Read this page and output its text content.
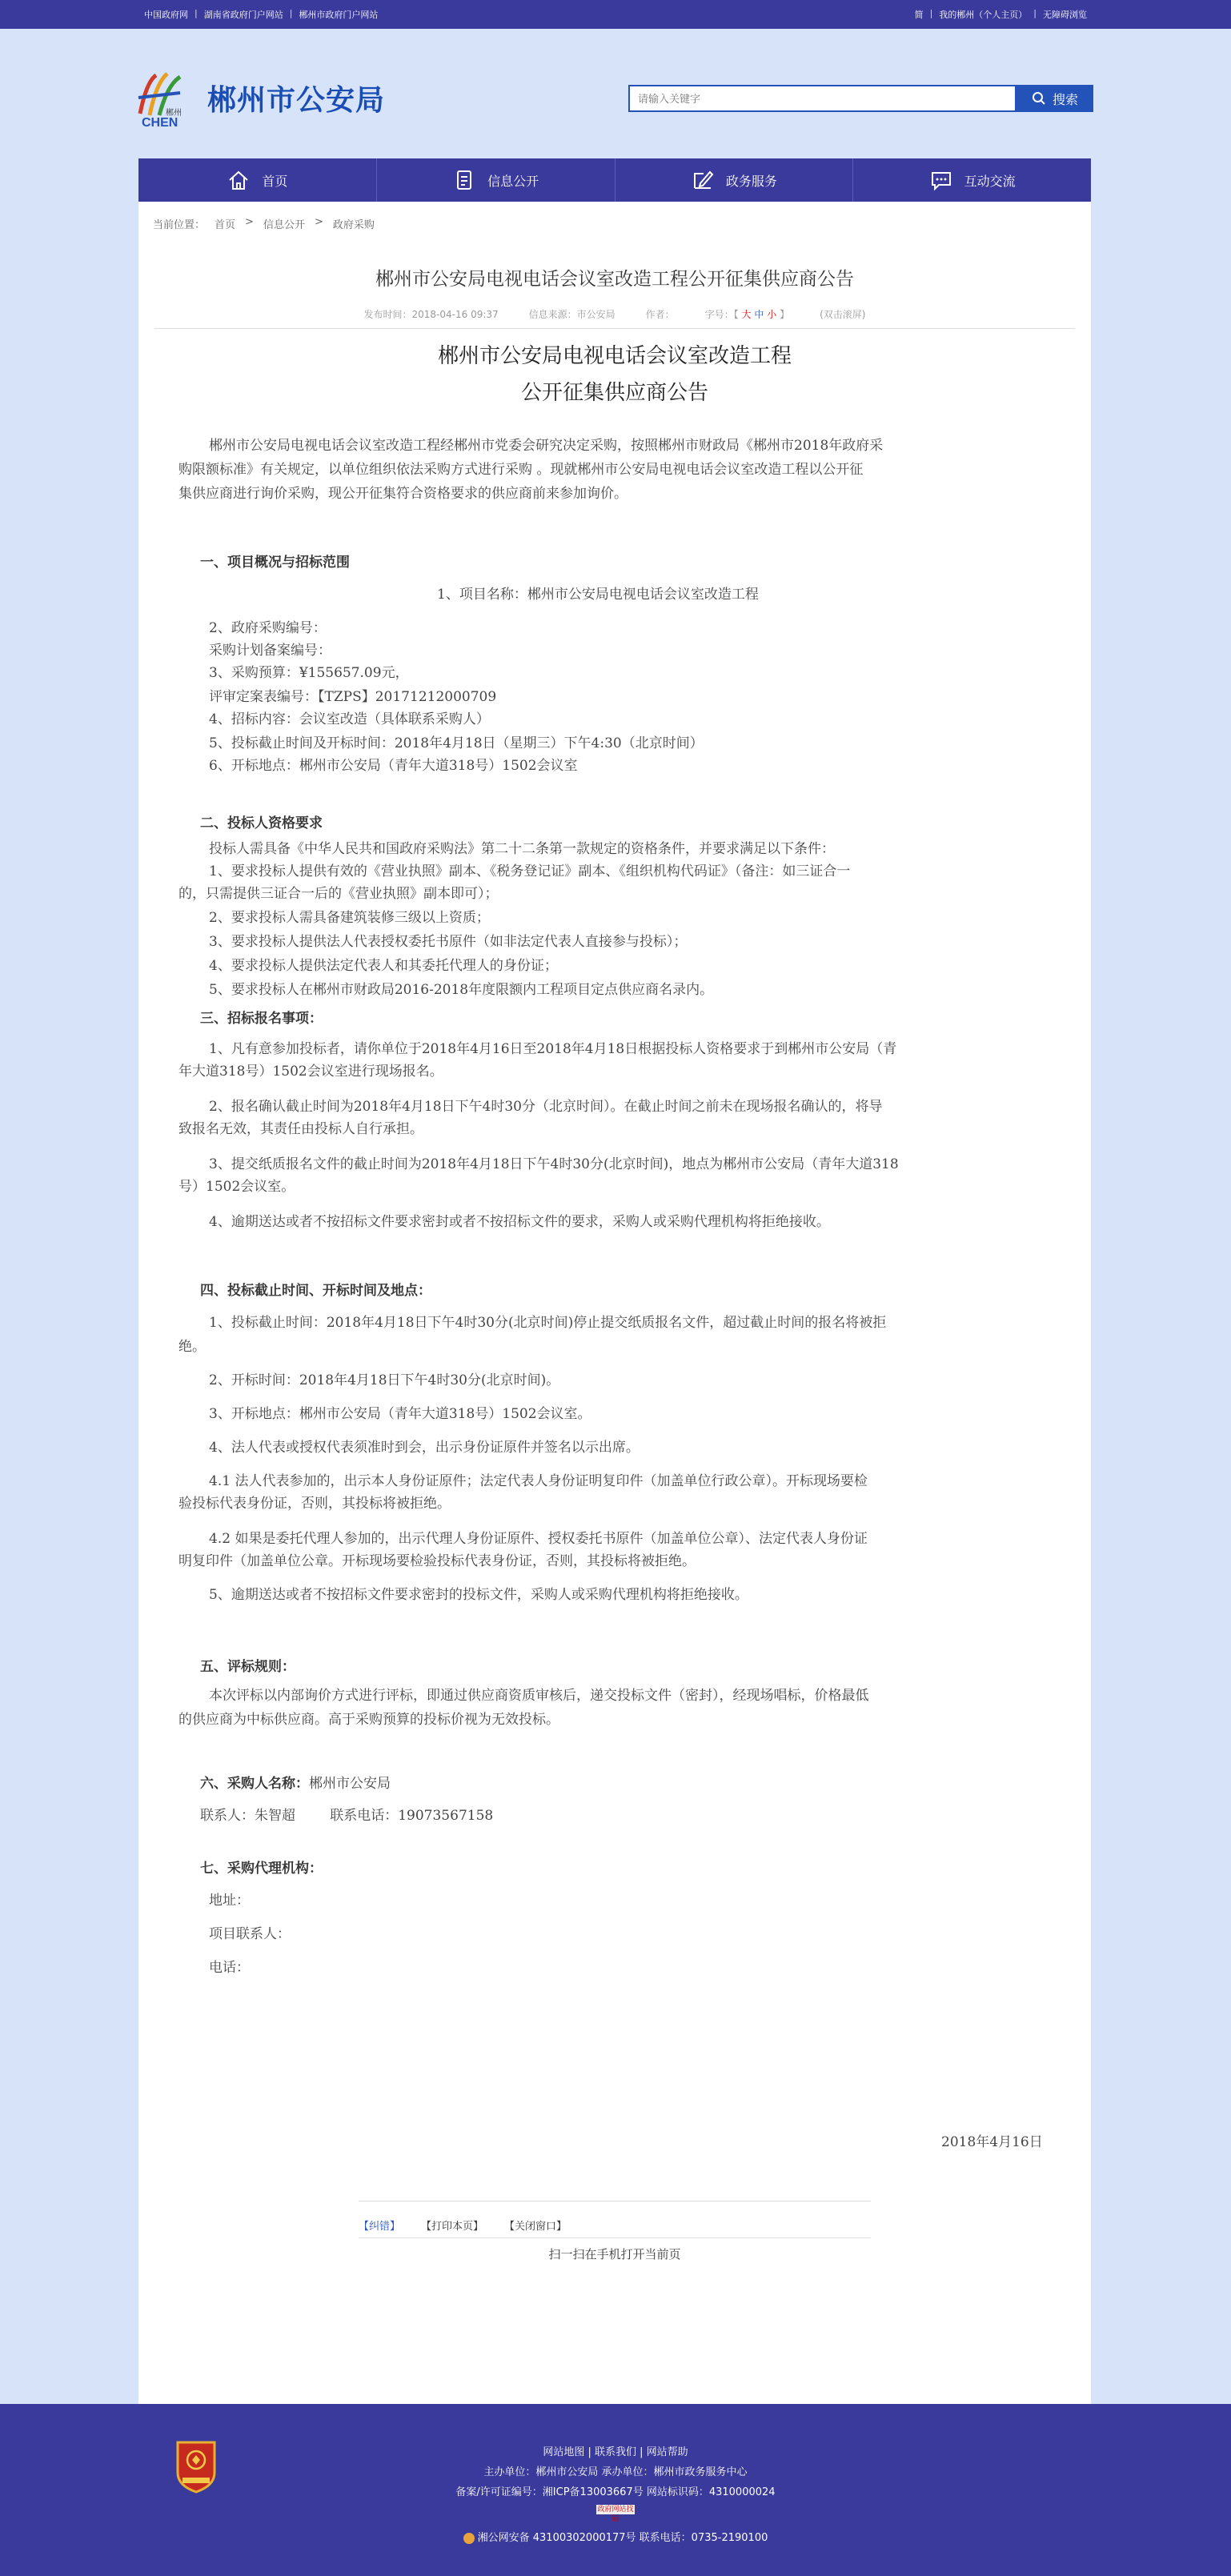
中国政府网 | 湖南省政府门户网站 | 郴州市政府门户网站	简 | 我的郴州（个人主页） | 无障碍浏览
郴州
CHEN
郴州市公安局
请输入关键字	搜索
首页	信息公开	政务服务	互动交流
当前位置： 首页 > 信息公开 > 政府采购
郴州市公安局电视电话会议室改造工程公开征集供应商公告
发布时间：2018-04-16 09:37	信息来源：市公安局	作者：	字号：【 大 中 小 】	(双击滚屏)
郴州市公安局电视电话会议室改造工程
公开征集供应商公告
郴州市公安局电视电话会议室改造工程经郴州市党委会研究决定采购，按照郴州市财政局《郴州市2018年政府采
购限额标准》有关规定，以单位组织依法采购方式进行采购 。现就郴州市公安局电视电话会议室改造工程以公开征
集供应商进行询价采购，现公开征集符合资格要求的供应商前来参加询价。
一、项目概况与招标范围
1、项目名称：郴州市公安局电视电话会议室改造工程
2、政府采购编号：
采购计划备案编号：
3、采购预算：¥155657.09元，
评审定案表编号：【TZPS】20171212000709
4、招标内容：会议室改造（具体联系采购人）
5、投标截止时间及开标时间：2018年4月18日（星期三）下午4:30（北京时间）
6、开标地点：郴州市公安局（青年大道318号）1502会议室
二、投标人资格要求
投标人需具备《中华人民共和国政府采购法》第二十二条第一款规定的资格条件，并要求满足以下条件：
1、要求投标人提供有效的《营业执照》副本、《税务登记证》副本、《组织机构代码证》（备注：如三证合一
的，只需提供三证合一后的《营业执照》副本即可）；
2、要求投标人需具备建筑装修三级以上资质；
3、要求投标人提供法人代表授权委托书原件（如非法定代表人直接参与投标）；
4、要求投标人提供法定代表人和其委托代理人的身份证；
5、要求投标人在郴州市财政局2016-2018年度限额内工程项目定点供应商名录内。
三、招标报名事项：
1、凡有意参加投标者，请你单位于2018年4月16日至2018年4月18日根据投标人资格要求于到郴州市公安局（青
年大道318号）1502会议室进行现场报名。
2、报名确认截止时间为2018年4月18日下午4时30分（北京时间）。在截止时间之前未在现场报名确认的，将导
致报名无效，其责任由投标人自行承担。
3、提交纸质报名文件的截止时间为2018年4月18日下午4时30分(北京时间)，地点为郴州市公安局（青年大道318
号）1502会议室。
4、逾期送达或者不按招标文件要求密封或者不按招标文件的要求，采购人或采购代理机构将拒绝接收。
四、投标截止时间、开标时间及地点：
1、投标截止时间：2018年4月18日下午4时30分(北京时间)停止提交纸质报名文件，超过截止时间的报名将被拒
绝。
2、开标时间：2018年4月18日下午4时30分(北京时间)。
3、开标地点：郴州市公安局（青年大道318号）1502会议室。
4、法人代表或授权代表须准时到会，出示身份证原件并签名以示出席。
4.1 法人代表参加的，出示本人身份证原件；法定代表人身份证明复印件（加盖单位行政公章）。开标现场要检
验投标代表身份证，否则，其投标将被拒绝。
4.2 如果是委托代理人参加的，出示代理人身份证原件、授权委托书原件（加盖单位公章）、法定代表人身份证
明复印件（加盖单位公章。开标现场要检验投标代表身份证，否则，其投标将被拒绝。
5、逾期送达或者不按招标文件要求密封的投标文件，采购人或采购代理机构将拒绝接收。
五、评标规则：
本次评标以内部询价方式进行评标，即通过供应商资质审核后，递交投标文件（密封），经现场唱标，价格最低
的供应商为中标供应商。高于采购预算的投标价视为无效投标。
六、采购人名称：郴州市公安局
联系人：朱智超        联系电话：19073567158
七、采购代理机构：
地址：
项目联系人：
电话：
2018年4月16日
【纠错】 【打印本页】 【关闭窗口】
扫一扫在手机打开当前页
网站地图 | 联系我们 | 网站帮助
主办单位：郴州市公安局 承办单位：郴州市政务服务中心
备案/许可证编号：湘ICP备13003667号 网站标识码：4310000024
政府网站找错
湘公网安备 43100302000177号 联系电话：0735-2190100
